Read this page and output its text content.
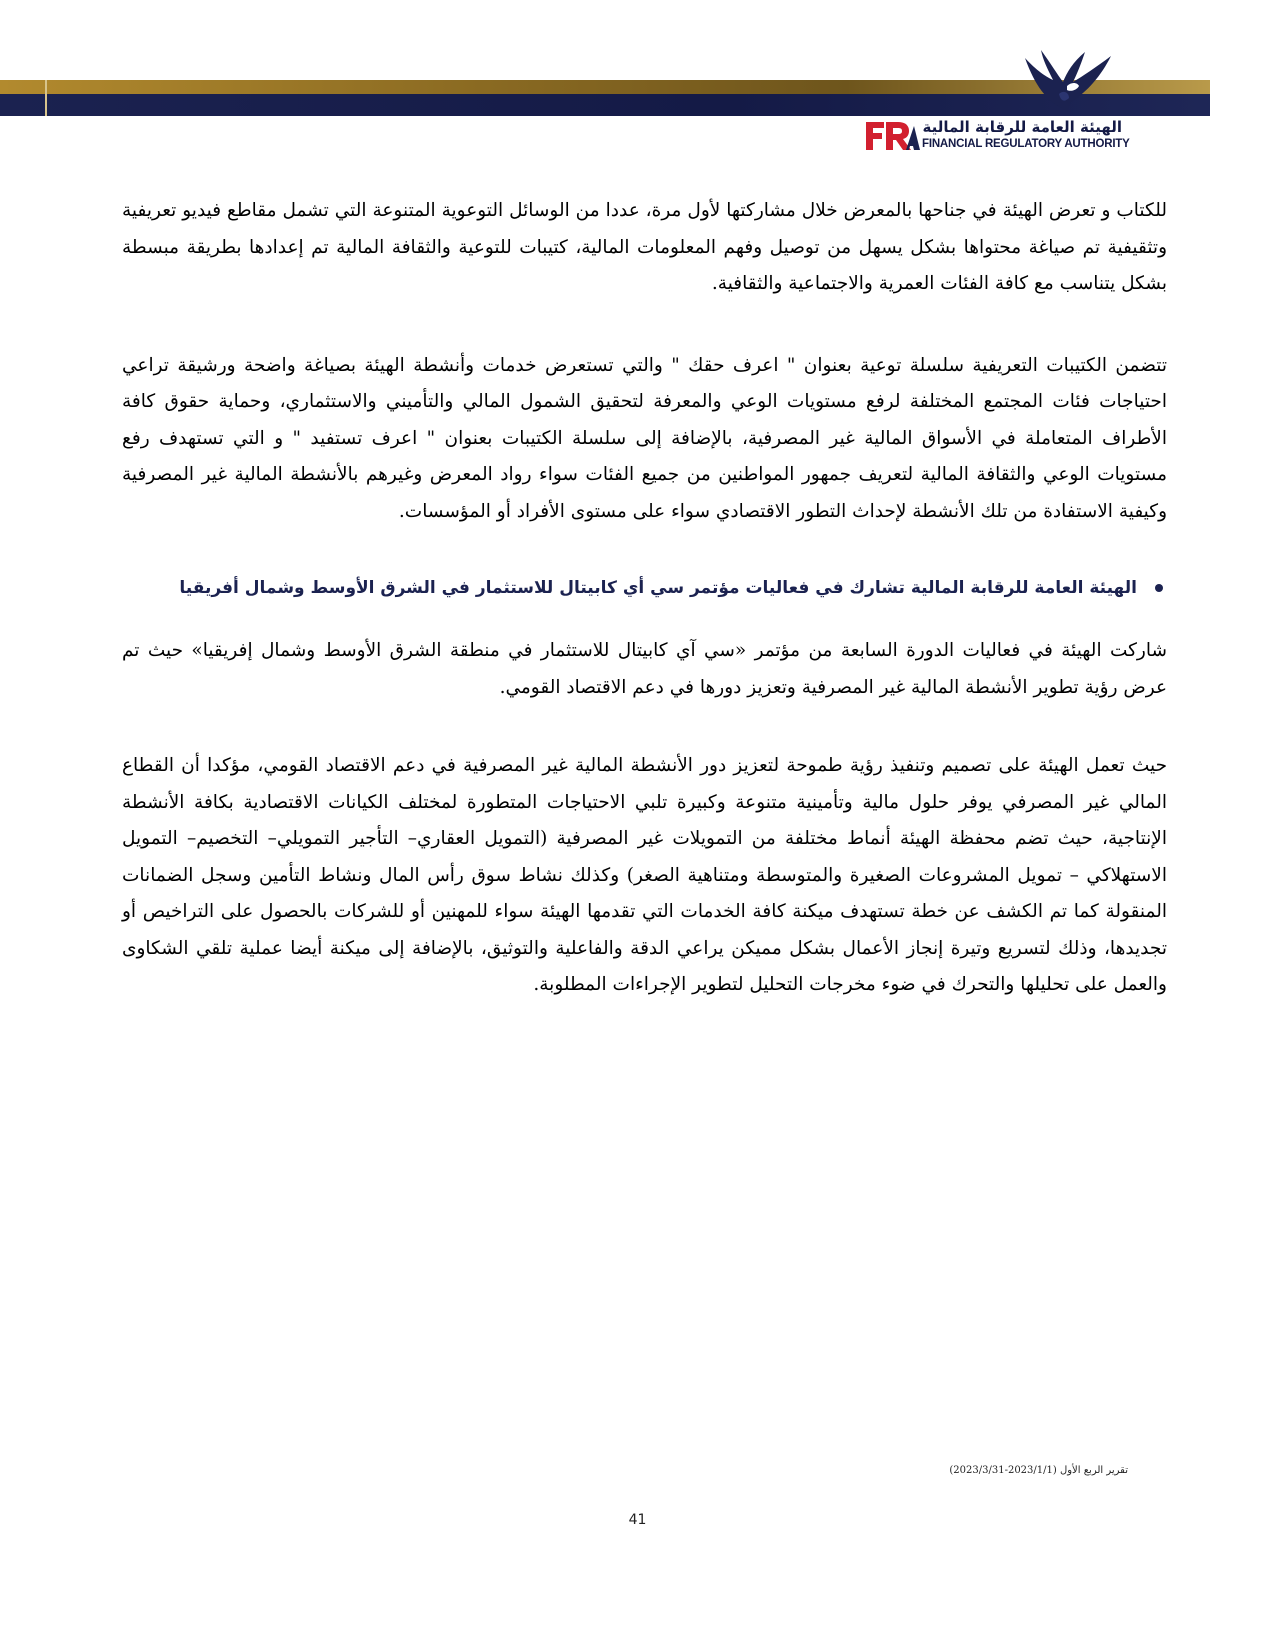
الهيئة العامة للرقابة المالية
FINANCIAL REGULATORY AUTHORITY

للكتاب و تعرض الهيئة في جناحها بالمعرض خلال مشاركتها لأول مرة، عددا من الوسائل التوعوية المتنوعة التي تشمل مقاطع فيديو تعريفية وتثقيفية تم صياغة محتواها بشكل يسهل من توصيل وفهم المعلومات المالية، كتيبات للتوعية والثقافة المالية تم إعدادها بطريقة مبسطة بشكل يتناسب مع كافة الفئات العمرية والاجتماعية والثقافية.

تتضمن الكتيبات التعريفية سلسلة توعية بعنوان " اعرف حقك " والتي تستعرض خدمات وأنشطة الهيئة بصياغة واضحة ورشيقة تراعي احتياجات فئات المجتمع المختلفة لرفع مستويات الوعي والمعرفة لتحقيق الشمول المالي والتأميني والاستثماري، وحماية حقوق كافة الأطراف المتعاملة في الأسواق المالية غير المصرفية، بالإضافة إلى سلسلة الكتيبات بعنوان " اعرف تستفيد " و التي تستهدف رفع مستويات الوعي والثقافة المالية لتعريف جمهور المواطنين من جميع الفئات سواء رواد المعرض وغيرهم بالأنشطة المالية غير المصرفية وكيفية الاستفادة من تلك الأنشطة لإحداث التطور الاقتصادي سواء على مستوى الأفراد أو المؤسسات.

الهيئة العامة للرقابة المالية تشارك في فعاليات مؤتمر سي أي كابيتال للاستثمار في الشرق الأوسط وشمال أفريقيا

شاركت الهيئة في فعاليات الدورة السابعة من مؤتمر «سي آي كابيتال للاستثمار في منطقة الشرق الأوسط وشمال إفريقيا» حيث تم عرض رؤية تطوير الأنشطة المالية غير المصرفية وتعزيز دورها في دعم الاقتصاد القومي.

حيث تعمل الهيئة على تصميم وتنفيذ رؤية طموحة لتعزيز دور الأنشطة المالية غير المصرفية في دعم الاقتصاد القومي، مؤكدا أن القطاع المالي غير المصرفي يوفر حلول مالية وتأمينية متنوعة وكبيرة تلبي الاحتياجات المتطورة لمختلف الكيانات الاقتصادية بكافة الأنشطة الإنتاجية، حيث تضم محفظة الهيئة أنماط مختلفة من التمويلات غير المصرفية (التمويل العقاري– التأجير التمويلي– التخصيم– التمويل الاستهلاكي – تمويل المشروعات الصغيرة والمتوسطة ومتناهية الصغر) وكذلك نشاط سوق رأس المال ونشاط التأمين وسجل الضمانات المنقولة كما تم الكشف عن خطة تستهدف ميكنة كافة الخدمات التي تقدمها الهيئة سواء للمهنين أو للشركات بالحصول على التراخيص أو تجديدها، وذلك لتسريع وتيرة إنجاز الأعمال بشكل مميكن يراعي الدقة والفاعلية والتوثيق، بالإضافة إلى ميكنة أيضا عملية تلقي الشكاوى والعمل على تحليلها والتحرك في ضوء مخرجات التحليل لتطوير الإجراءات المطلوبة.

تقرير الربع الأول (2023/1/1-2023/3/31)
41
